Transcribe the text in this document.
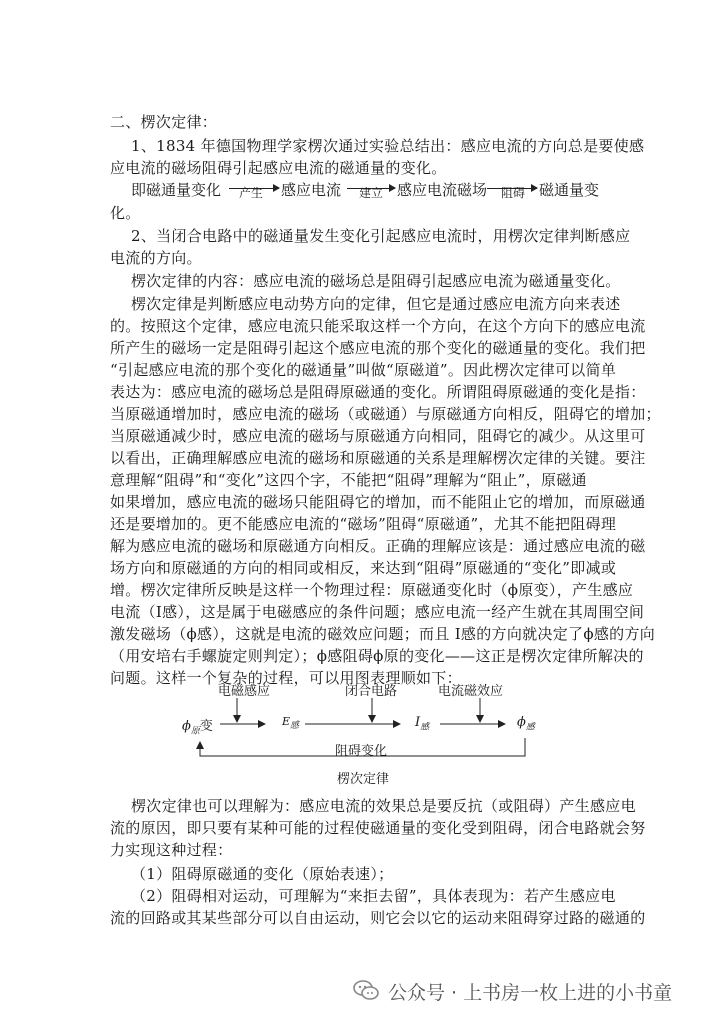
二、楞次定律：
1、1834 年德国物理学家楞次通过实验总结出：感应电流的方向总是要使感
应电流的磁场阻碍引起感应电流的磁通量的变化。
即磁通量变化 产生 感应电流 建立 感应电流磁场 阻碍 磁通量变
化。
2、当闭合电路中的磁通量发生变化引起感应电流时，用楞次定律判断感应
电流的方向。
楞次定律的内容：感应电流的磁场总是阻碍引起感应电流为磁通量变化。
楞次定律是判断感应电动势方向的定律，但它是通过感应电流方向来表述
的。按照这个定律，感应电流只能采取这样一个方向，在这个方向下的感应电流
所产生的磁场一定是阻碍引起这个感应电流的那个变化的磁通量的变化。我们把
“引起感应电流的那个变化的磁通量”叫做“原磁道”。因此楞次定律可以简单
表达为：感应电流的磁场总是阻碍原磁通的变化。所谓阻碍原磁通的变化是指：
当原磁通增加时，感应电流的磁场（或磁通）与原磁通方向相反，阻碍它的增加；
当原磁通减少时，感应电流的磁场与原磁通方向相同，阻碍它的减少。从这里可
以看出，正确理解感应电流的磁场和原磁通的关系是理解楞次定律的关键。要注
意理解“阻碍”和“变化”这四个字，不能把“阻碍”理解为“阻止”，原磁通
如果增加，感应电流的磁场只能阻碍它的增加，而不能阻止它的增加，而原磁通
还是要增加的。更不能感应电流的“磁场”阻碍“原磁通”，尤其不能把阻碍理
解为感应电流的磁场和原磁通方向相反。正确的理解应该是：通过感应电流的磁
场方向和原磁通的方向的相同或相反，来达到“阻碍”原磁通的“变化”即减或
增。楞次定律所反映是这样一个物理过程：原磁通变化时（ϕ原变），产生感应
电流（I感），这是属于电磁感应的条件问题；感应电流一经产生就在其周围空间
激发磁场（ϕ感），这就是电流的磁效应问题；而且 I感的方向就决定了ϕ感的方向
（用安培右手螺旋定则判定）；ϕ感阻碍ϕ原的变化——这正是楞次定律所解决的
问题。这样一个复杂的过程，可以用图表理顺如下：
电磁感应	闭合电路	电流磁效应
$\phi_原$变	$E_感$	$I_感$	$\phi_感$
阻碍变化
楞次定律
楞次定律也可以理解为：感应电流的效果总是要反抗（或阻碍）产生感应电
流的原因，即只要有某种可能的过程使磁通量的变化受到阻碍，闭合电路就会努
力实现这种过程：
（1）阻碍原磁通的变化（原始表速）；
（2）阻碍相对运动，可理解为“来拒去留”，具体表现为：若产生感应电
流的回路或其某些部分可以自由运动，则它会以它的运动来阻碍穿过路的磁通的
公众号 · 上书房一枚上进的小书童
